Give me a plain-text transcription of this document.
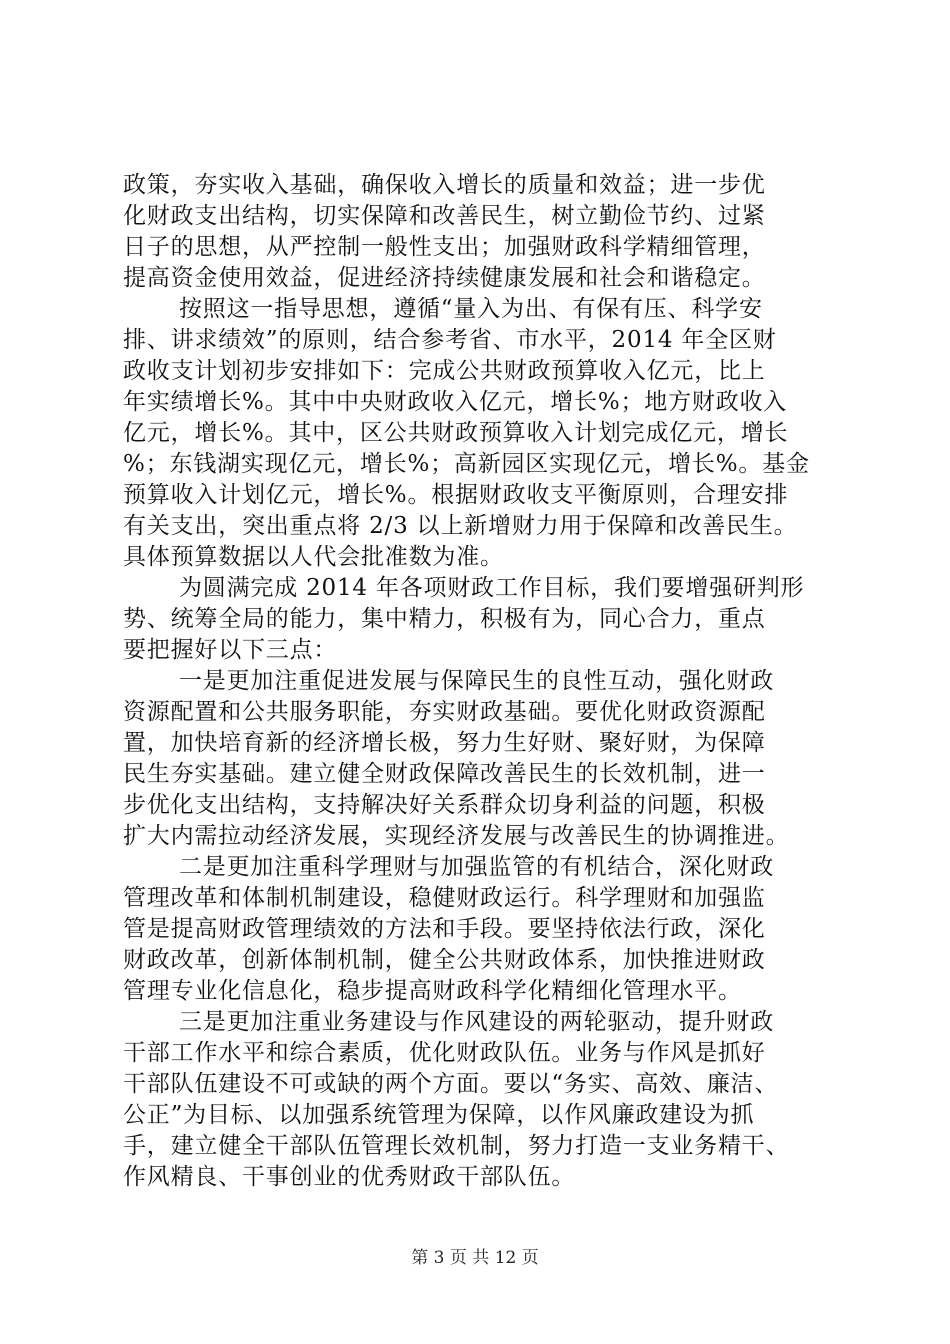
政策，夯实收入基础，确保收入增长的质量和效益；进一步优
化财政支出结构，切实保障和改善民生，树立勤俭节约、过紧
日子的思想，从严控制一般性支出；加强财政科学精细管理，
提高资金使用效益，促进经济持续健康发展和社会和谐稳定。
按照这一指导思想，遵循“量入为出、有保有压、科学安
排、讲求绩效”的原则，结合参考省、市水平，2014 年全区财
政收支计划初步安排如下：完成公共财政预算收入亿元，比上
年实绩增长%。其中中央财政收入亿元，增长%；地方财政收入
亿元，增长%。其中，区公共财政预算收入计划完成亿元，增长
%；东钱湖实现亿元，增长%；高新园区实现亿元，增长%。基金
预算收入计划亿元，增长%。根据财政收支平衡原则，合理安排
有关支出，突出重点将 2/3 以上新增财力用于保障和改善民生。
具体预算数据以人代会批准数为准。
为圆满完成 2014 年各项财政工作目标，我们要增强研判形
势、统筹全局的能力，集中精力，积极有为，同心合力，重点
要把握好以下三点：
一是更加注重促进发展与保障民生的良性互动，强化财政
资源配置和公共服务职能，夯实财政基础。要优化财政资源配
置，加快培育新的经济增长极，努力生好财、聚好财，为保障
民生夯实基础。建立健全财政保障改善民生的长效机制，进一
步优化支出结构，支持解决好关系群众切身利益的问题，积极
扩大内需拉动经济发展，实现经济发展与改善民生的协调推进。
二是更加注重科学理财与加强监管的有机结合，深化财政
管理改革和体制机制建设，稳健财政运行。科学理财和加强监
管是提高财政管理绩效的方法和手段。要坚持依法行政，深化
财政改革，创新体制机制，健全公共财政体系，加快推进财政
管理专业化信息化，稳步提高财政科学化精细化管理水平。
三是更加注重业务建设与作风建设的两轮驱动，提升财政
干部工作水平和综合素质，优化财政队伍。业务与作风是抓好
干部队伍建设不可或缺的两个方面。要以“务实、高效、廉洁、
公正”为目标、以加强系统管理为保障，以作风廉政建设为抓
手，建立健全干部队伍管理长效机制，努力打造一支业务精干、
作风精良、干事创业的优秀财政干部队伍。
第 3 页 共 12 页
